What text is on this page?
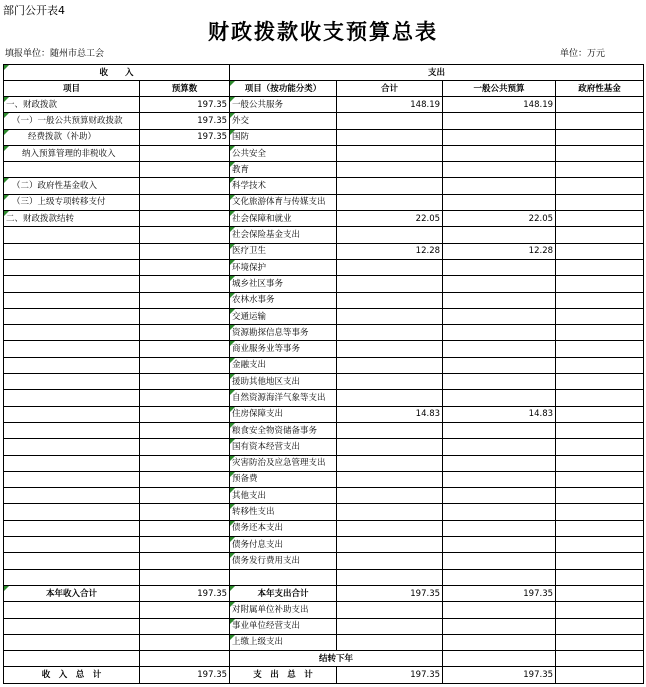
部门公开表4
财政拨款收支预算总表
填报单位：随州市总工会	单位：万元
收　　入		支出			
项目	预算数	项目（按功能分类）	合计	一般公共预算	政府性基金
一、财政拨款	197.35	一般公共服务	148.19	148.19	
（一）一般公共预算财政拨款	197.35	外交			
经费拨款（补助）	197.35	国防			
纳入预算管理的非税收入		公共安全			
		教育			
（二）政府性基金收入		科学技术			
（三）上级专项转移支付		文化旅游体育与传媒支出			
二、财政拨款结转		社会保障和就业	22.05	22.05	
		社会保险基金支出			
		医疗卫生	12.28	12.28	
		环境保护			
		城乡社区事务			
		农林水事务			
		交通运输			
		资源勘探信息等事务			
		商业服务业等事务			
		金融支出			
		援助其他地区支出			
		自然资源海洋气象等支出			
		住房保障支出	14.83	14.83	
		粮食安全物资储备事务			
		国有资本经营支出			
		灾害防治及应急管理支出			
		预备费			
		其他支出			
		转移性支出			
		债务还本支出			
		债务付息支出			
		债务发行费用支出			

本年收入合计	197.35	本年支出合计	197.35	197.35	
		对附属单位补助支出			
		事业单位经营支出			
		上缴上级支出			
		结转下年			
收　入　总　计	197.35	支　出　总　计	197.35	197.35	
